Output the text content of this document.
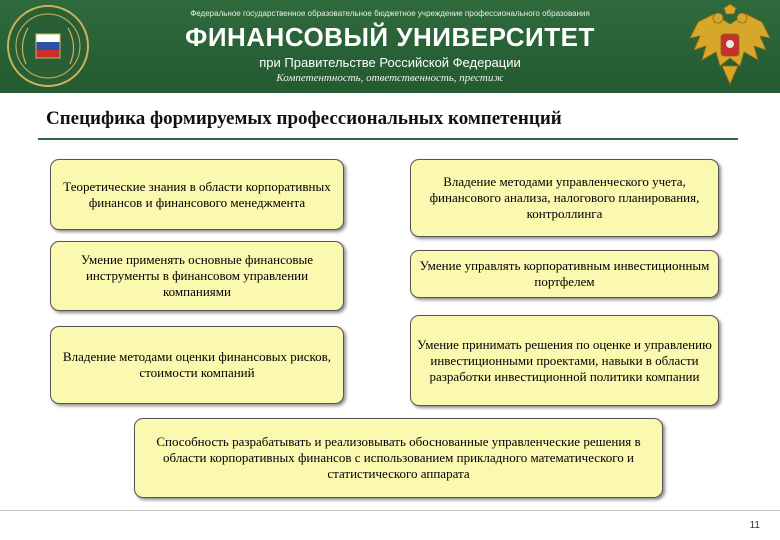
Федеральное государственное образовательное бюджетное учреждение профессионального образования
ФИНАНСОВЫЙ УНИВЕРСИТЕТ
при Правительстве Российской Федерации
Компетентность, ответственность, престиж
Специфика формируемых профессиональных компетенций
Теоретические знания в области корпоративных финансов и финансового менеджмента
Владение методами управленческого учета, финансового анализа, налогового планирования, контроллинга
Умение применять основные финансовые инструменты в финансовом управлении компаниями
Умение управлять корпоративным инвестиционным портфелем
Владение методами оценки финансовых рисков, стоимости компаний
Умение принимать решения по оценке и управлению инвестиционными проектами, навыки в области разработки инвестиционной политики компании
Способность разрабатывать и реализовывать обоснованные управленческие решения в области корпоративных финансов с использованием прикладного математического и статистического аппарата
11
